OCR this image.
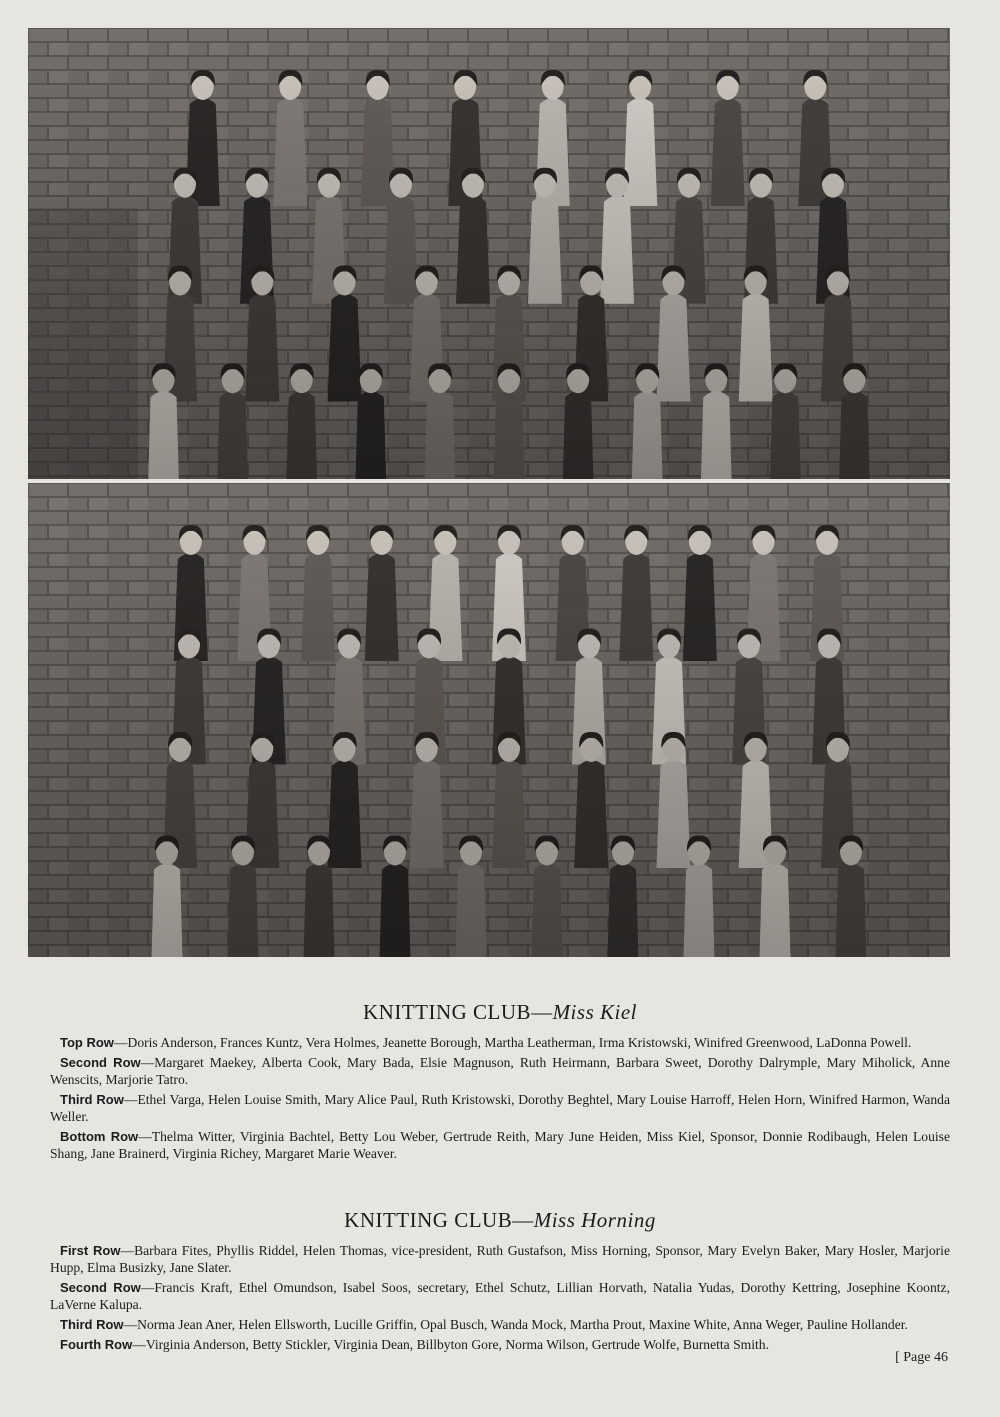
KNITTING CLUB—Miss Kiel

Top Row—Doris Anderson, Frances Kuntz, Vera Holmes, Jeanette Borough, Martha Leatherman, Irma Kristowski, Winifred Greenwood, LaDonna Powell.

Second Row—Margaret Maekey, Alberta Cook, Mary Bada, Elsie Magnuson, Ruth Heirmann, Barbara Sweet, Dorothy Dalrymple, Mary Miholick, Anne Wenscits, Marjorie Tatro.

Third Row—Ethel Varga, Helen Louise Smith, Mary Alice Paul, Ruth Kristowski, Dorothy Beghtel, Mary Louise Harroff, Helen Horn, Winifred Harmon, Wanda Weller.

Bottom Row—Thelma Witter, Virginia Bachtel, Betty Lou Weber, Gertrude Reith, Mary June Heiden, Miss Kiel, Sponsor, Donnie Rodibaugh, Helen Louise Shang, Jane Brainerd, Virginia Richey, Margaret Marie Weaver.

KNITTING CLUB—Miss Horning

First Row—Barbara Fites, Phyllis Riddel, Helen Thomas, vice-president, Ruth Gustafson, Miss Horning, Sponsor, Mary Evelyn Baker, Mary Hosler, Marjorie Hupp, Elma Busizky, Jane Slater.

Second Row—Francis Kraft, Ethel Omundson, Isabel Soos, secretary, Ethel Schutz, Lillian Horvath, Natalia Yudas, Dorothy Kettring, Josephine Koontz, LaVerne Kalupa.

Third Row—Norma Jean Aner, Helen Ellsworth, Lucille Griffin, Opal Busch, Wanda Mock, Martha Prout, Maxine White, Anna Weger, Pauline Hollander.

Fourth Row—Virginia Anderson, Betty Stickler, Virginia Dean, Billbyton Gore, Norma Wilson, Gertrude Wolfe, Burnetta Smith.

[ Page 46
